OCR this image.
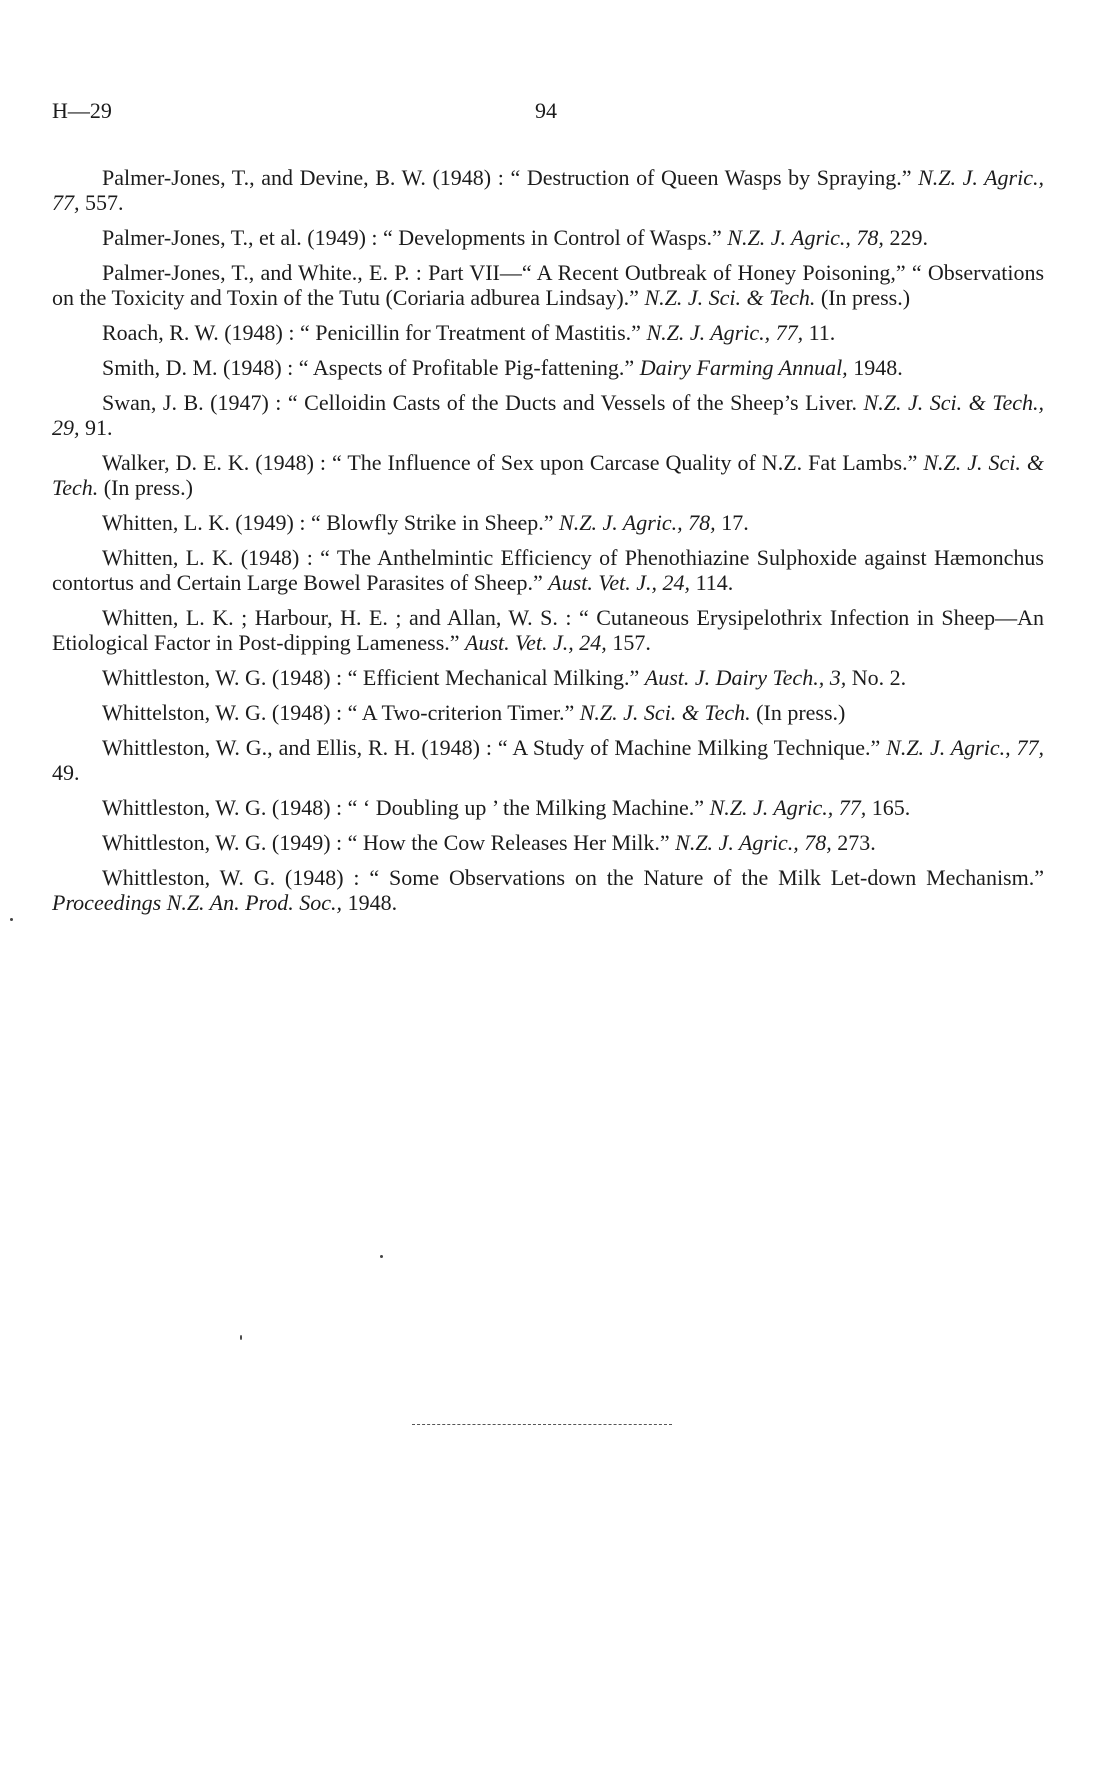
H—29	94

Palmer-Jones, T., and Devine, B. W. (1948) : “ Destruction of Queen Wasps by Spraying.” N.Z. J. Agric., 77, 557.

Palmer-Jones, T., et al. (1949) : “ Developments in Control of Wasps.” N.Z. J. Agric., 78, 229.

Palmer-Jones, T., and White., E. P. : Part VII—“ A Recent Outbreak of Honey Poisoning,” “ Observations on the Toxicity and Toxin of the Tutu (Coriaria adburea Lindsay).” N.Z. J. Sci. & Tech. (In press.)

Roach, R. W. (1948) : “ Penicillin for Treatment of Mastitis.” N.Z. J. Agric., 77, 11.

Smith, D. M. (1948) : “ Aspects of Profitable Pig-fattening.” Dairy Farming Annual, 1948.

Swan, J. B. (1947) : “ Celloidin Casts of the Ducts and Vessels of the Sheep’s Liver. N.Z. J. Sci. & Tech., 29, 91.

Walker, D. E. K. (1948) : “ The Influence of Sex upon Carcase Quality of N.Z. Fat Lambs.” N.Z. J. Sci. & Tech. (In press.)

Whitten, L. K. (1949) : “ Blowfly Strike in Sheep.” N.Z. J. Agric., 78, 17.

Whitten, L. K. (1948) : “ The Anthelmintic Efficiency of Phenothiazine Sulphoxide against Hæmonchus contortus and Certain Large Bowel Parasites of Sheep.” Aust. Vet. J., 24, 114.

Whitten, L. K. ; Harbour, H. E. ; and Allan, W. S. : “ Cutaneous Erysipelothrix Infection in Sheep—An Etiological Factor in Post-dipping Lameness.” Aust. Vet. J., 24, 157.

Whittleston, W. G. (1948) : “ Efficient Mechanical Milking.” Aust. J. Dairy Tech., 3, No. 2.

Whittelston, W. G. (1948) : “ A Two-criterion Timer.” N.Z. J. Sci. & Tech. (In press.)

Whittleston, W. G., and Ellis, R. H. (1948) : “ A Study of Machine Milking Technique.” N.Z. J. Agric., 77, 49.

Whittleston, W. G. (1948) : “ ‘ Doubling up ’ the Milking Machine.” N.Z. J. Agric., 77, 165.

Whittleston, W. G. (1949) : “ How the Cow Releases Her Milk.” N.Z. J. Agric., 78, 273.

Whittleston, W. G. (1948) : “ Some Observations on the Nature of the Milk Let-down Mechanism.” Proceedings N.Z. An. Prod. Soc., 1948.
